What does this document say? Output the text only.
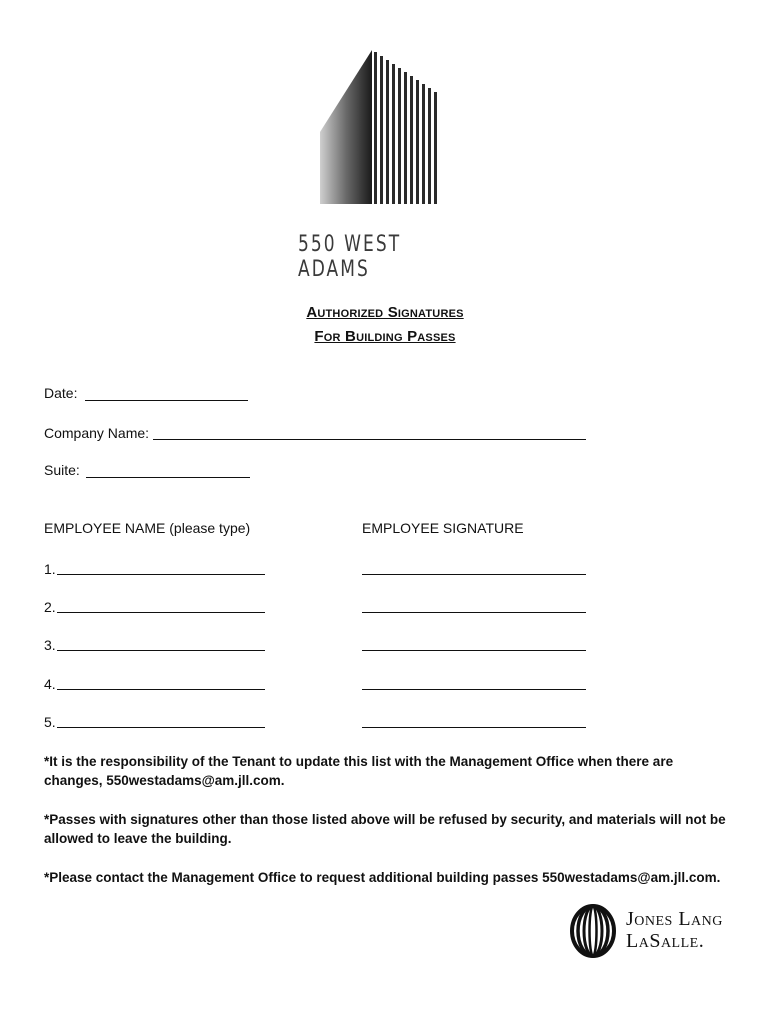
550 WEST ADAMS
Authorized Signatures
For Building Passes
Date:
Company Name:
Suite:
EMPLOYEE NAME (please type)	EMPLOYEE SIGNATURE
1.
2.
3.
4.
5.
*It is the responsibility of the Tenant to update this list with the Management Office when there are changes, 550westadams@am.jll.com.
*Passes with signatures other than those listed above will be refused by security, and materials will not be allowed to leave the building.
*Please contact the Management Office to request additional building passes 550westadams@am.jll.com.
Jones Lang
LaSalle.
